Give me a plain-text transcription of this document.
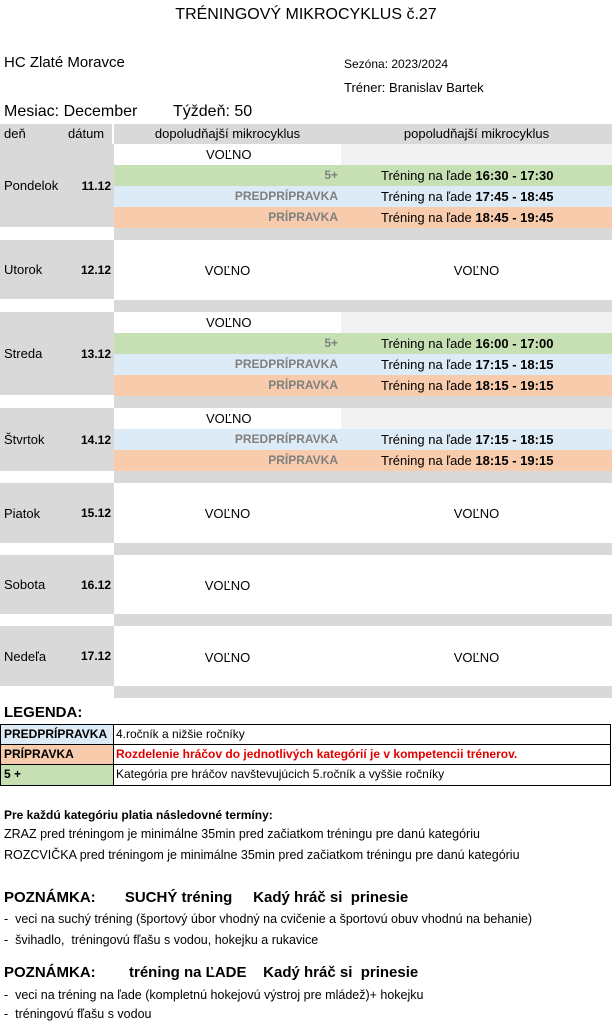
TRÉNINGOVÝ MIKROCYKLUS č.27
HC Zlaté Moravce	Sezóna: 2023/2024
Tréner: Branislav Bartek
Mesiac: December Týždeň: 50
deň	dátum	dopoludňajší mikrocyklus	popoludňajší mikrocyklus
Pondelok	11.12
VOĽNO
5+	Tréning na ľade 16:30 - 17:30
PREDPRÍPRAVKA	Tréning na ľade 17:45 - 18:45
PRÍPRAVKA	Tréning na ľade 18:45 - 19:45
Utorok	12.12	VOĽNO	VOĽNO
Streda	13.12
VOĽNO
5+	Tréning na ľade 16:00 - 17:00
PREDPRÍPRAVKA	Tréning na ľade 17:15 - 18:15
PRÍPRAVKA	Tréning na ľade 18:15 - 19:15
Štvrtok	14.12
VOĽNO
PREDPRÍPRAVKA	Tréning na ľade 17:15 - 18:15
PRÍPRAVKA	Tréning na ľade 18:15 - 19:15
Piatok	15.12	VOĽNO	VOĽNO
Sobota	16.12	VOĽNO
Nedeľa	17.12	VOĽNO	VOĽNO
LEGENDA:
PREDPRÍPRAVKA 4.ročník a nižšie ročníky
PRÍPRAVKA	Rozdelenie hráčov do jednotlivých kategórií je v kompetencii trénerov.
5 +	Kategória pre hráčov navštevujúcich 5.ročník a vyššie ročníky
Pre každú kategóriu platia následovné termíny:
ZRAZ pred tréningom je minimálne 35min pred začiatkom tréningu pre danú kategóriu
ROZCVIČKA pred tréningom je minimálne 35min pred začiatkom tréningu pre danú kategóriu
POZNÁMKA:       SUCHÝ tréning     Kadý hráč si  prinesie
-  veci na suchý tréning (športový úbor vhodný na cvičenie a športovú obuv vhodnú na behanie)
-  švihadlo,  tréningovú fľašu s vodou, hokejku a rukavice
POZNÁMKA:        tréning na ĽADE    Kadý hráč si  prinesie
-  veci na tréning na ľade (kompletnú hokejovú výstroj pre mládež)+ hokejku
-  tréningovú fľašu s vodou
